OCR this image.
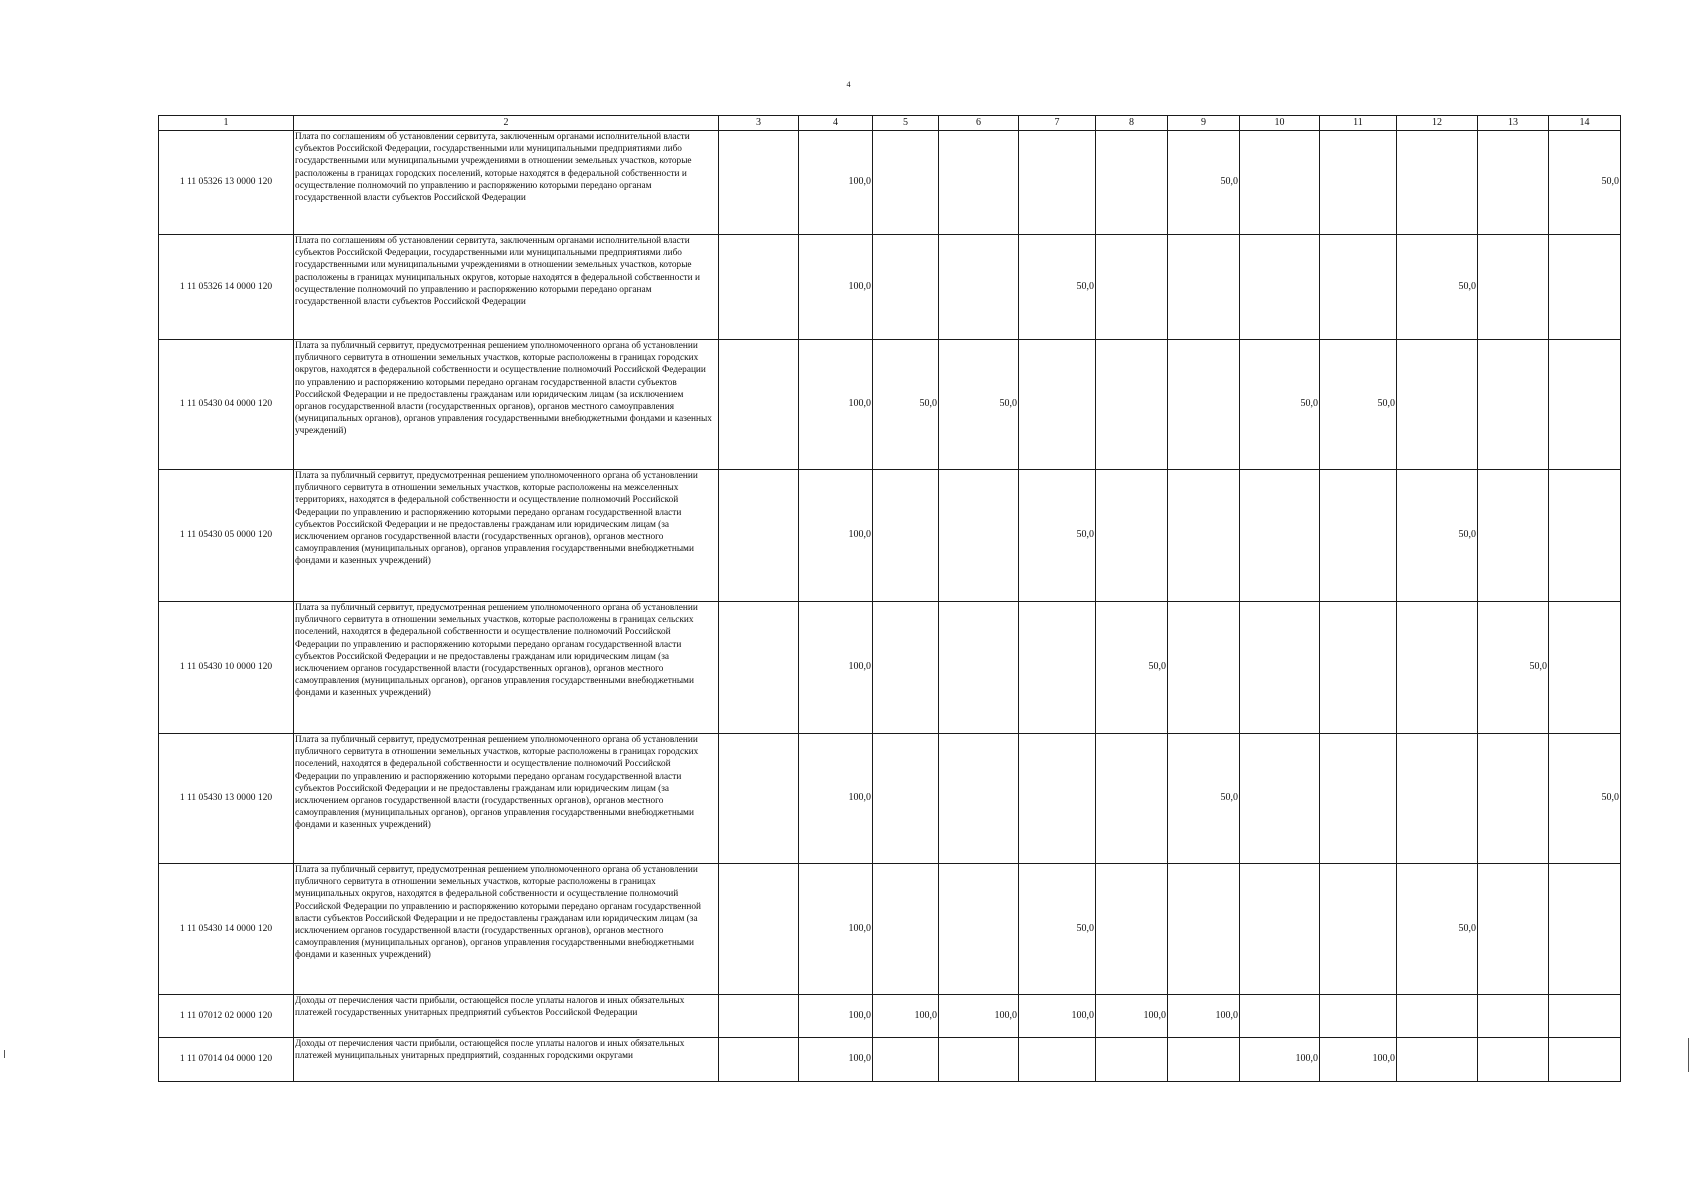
4
1	2	3	4	5	6	7	8	9	10	11	12	13	14
1 11 05326 13 0000 120	Плата по соглашениям об установлении сервитута, заключенным органами исполнительной власти субъектов Российской Федерации, государственными или муниципальными предприятиями либо государственными или муниципальными учреждениями в отношении земельных участков, которые расположены в границах городских поселений, которые находятся в федеральной собственности и осуществление полномочий по управлению и распоряжению которыми передано органам государственной власти субъектов Российской Федерации		100,0					50,0					50,0
1 11 05326 14 0000 120	Плата по соглашениям об установлении сервитута, заключенным органами исполнительной власти субъектов Российской Федерации, государственными или муниципальными предприятиями либо государственными или муниципальными учреждениями в отношении земельных участков, которые расположены в границах муниципальных округов, которые находятся в федеральной собственности и осуществление полномочий по управлению и распоряжению которыми передано органам государственной власти субъектов Российской Федерации		100,0			50,0					50,0		
1 11 05430 04 0000 120	Плата за публичный сервитут, предусмотренная решением уполномоченного органа об установлении публичного сервитута в отношении земельных участков, которые расположены в границах городских округов, находятся в федеральной собственности и осуществление полномочий Российской Федерации по управлению и распоряжению которыми передано органам государственной власти субъектов Российской Федерации и не предоставлены гражданам или юридическим лицам (за исключением органов государственной власти (государственных органов), органов местного самоуправления (муниципальных органов), органов управления государственными внебюджетными фондами и казенных учреждений)		100,0	50,0	50,0				50,0	50,0			
1 11 05430 05 0000 120	Плата за публичный сервитут, предусмотренная решением уполномоченного органа об установлении публичного сервитута в отношении земельных участков, которые расположены на межселенных территориях, находятся в федеральной собственности и осуществление полномочий Российской Федерации по управлению и распоряжению которыми передано органам государственной власти субъектов Российской Федерации и не предоставлены гражданам или юридическим лицам (за исключением органов государственной власти (государственных органов), органов местного самоуправления (муниципальных органов), органов управления государственными внебюджетными фондами и казенных учреждений)		100,0			50,0					50,0		
1 11 05430 10 0000 120	Плата за публичный сервитут, предусмотренная решением уполномоченного органа об установлении публичного сервитута в отношении земельных участков, которые расположены в границах сельских поселений, находятся в федеральной собственности и осуществление полномочий Российской Федерации по управлению и распоряжению которыми передано органам государственной власти субъектов Российской Федерации и не предоставлены гражданам или юридическим лицам (за исключением органов государственной власти (государственных органов), органов местного самоуправления (муниципальных органов), органов управления государственными внебюджетными фондами и казенных учреждений)		100,0				50,0					50,0	
1 11 05430 13 0000 120	Плата за публичный сервитут, предусмотренная решением уполномоченного органа об установлении публичного сервитута в отношении земельных участков, которые расположены в границах городских поселений, находятся в федеральной собственности и осуществление полномочий Российской Федерации по управлению и распоряжению которыми передано органам государственной власти субъектов Российской Федерации и не предоставлены гражданам или юридическим лицам (за исключением органов государственной власти (государственных органов), органов местного самоуправления (муниципальных органов), органов управления государственными внебюджетными фондами и казенных учреждений)		100,0					50,0					50,0
1 11 05430 14 0000 120	Плата за публичный сервитут, предусмотренная решением уполномоченного органа об установлении публичного сервитута в отношении земельных участков, которые расположены в границах муниципальных округов, находятся в федеральной собственности и осуществление полномочий Российской Федерации по управлению и распоряжению которыми передано органам государственной власти субъектов Российской Федерации и не предоставлены гражданам или юридическим лицам (за исключением органов государственной власти (государственных органов), органов местного самоуправления (муниципальных органов), органов управления государственными внебюджетными фондами и казенных учреждений)		100,0			50,0					50,0		
1 11 07012 02 0000 120	Доходы от перечисления части прибыли, остающейся после уплаты налогов и иных обязательных платежей государственных унитарных предприятий субъектов Российской Федерации		100,0	100,0	100,0	100,0	100,0	100,0					
1 11 07014 04 0000 120	Доходы от перечисления части прибыли, остающейся после уплаты налогов и иных обязательных платежей муниципальных унитарных предприятий, созданных городскими округами		100,0						100,0	100,0			
